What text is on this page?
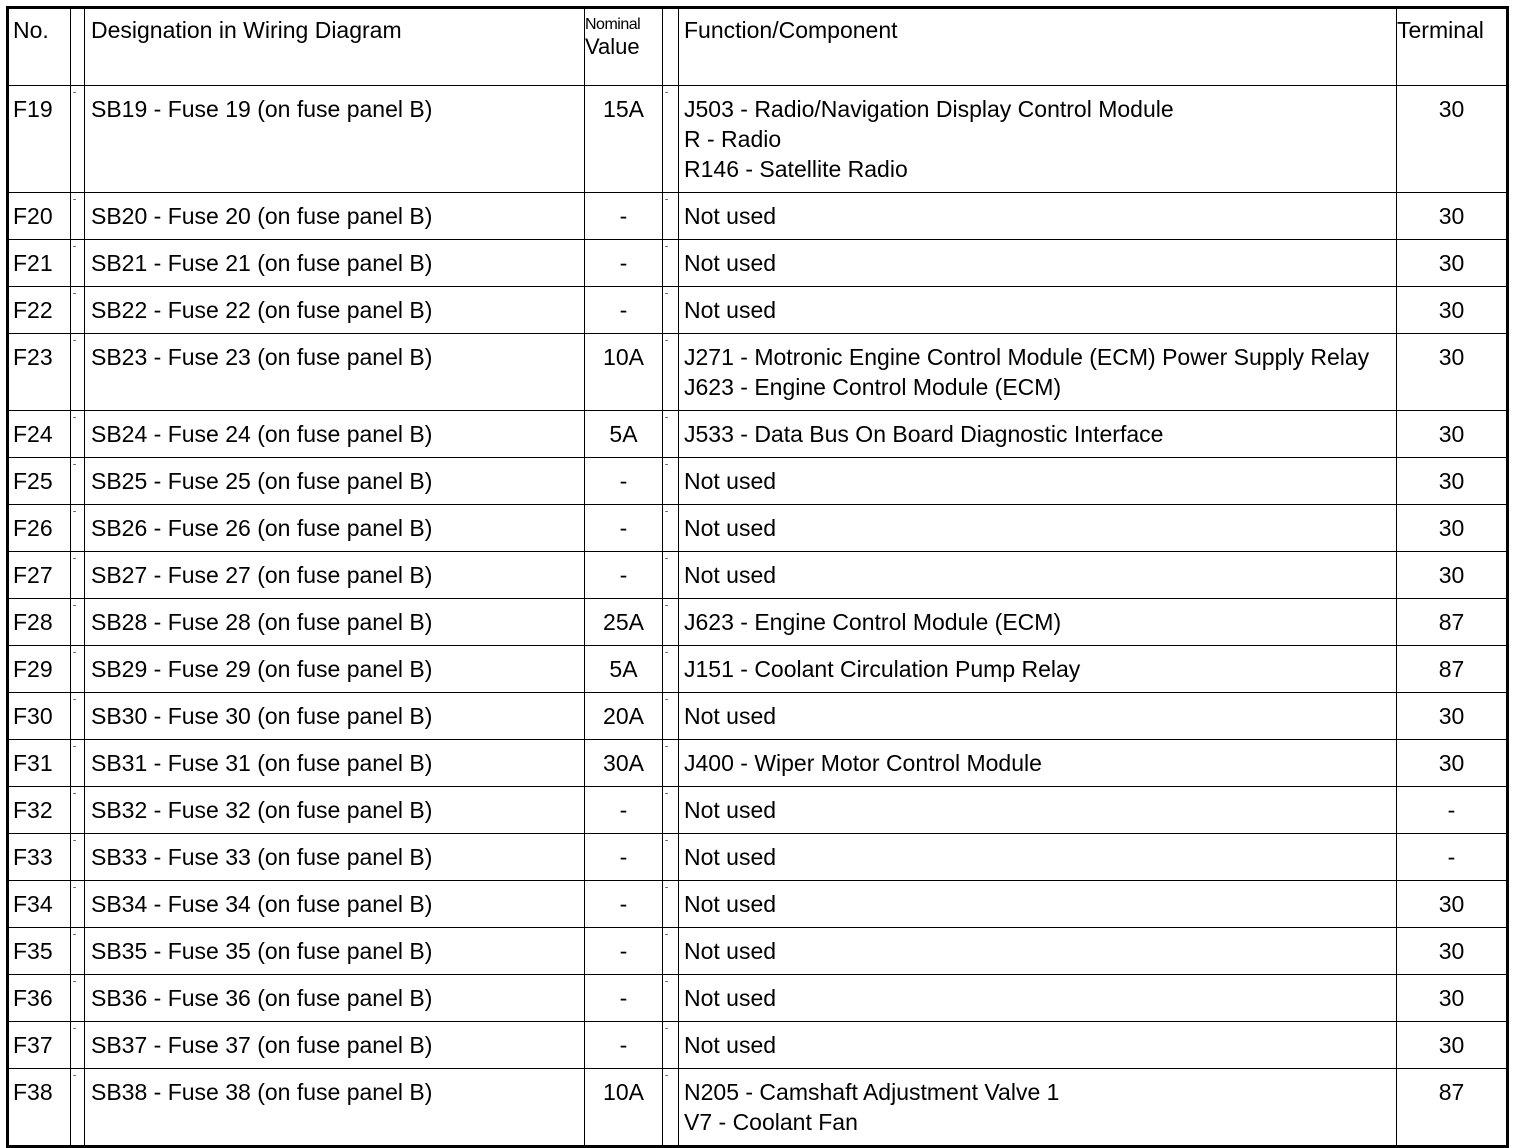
No.		Designation in Wiring Diagram	Nominal
Value		Function/Component	Terminal
F19	ˉ	SB19 - Fuse 19 (on fuse panel B)	15A	ˉ	J503 - Radio/Navigation Display Control Module
R - Radio
R146 - Satellite Radio	30
F20	ˉ	SB20 - Fuse 20 (on fuse panel B)	-	ˉ	Not used	30
F21	ˉ	SB21 - Fuse 21 (on fuse panel B)	-	ˉ	Not used	30
F22	ˉ	SB22 - Fuse 22 (on fuse panel B)	-	ˉ	Not used	30
F23	ˉ	SB23 - Fuse 23 (on fuse panel B)	10A	ˉ	J271 - Motronic Engine Control Module (ECM) Power Supply Relay
J623 - Engine Control Module (ECM)	30
F24	ˉ	SB24 - Fuse 24 (on fuse panel B)	5A	ˉ	J533 - Data Bus On Board Diagnostic Interface	30
F25	ˉ	SB25 - Fuse 25 (on fuse panel B)	-	ˉ	Not used	30
F26	ˉ	SB26 - Fuse 26 (on fuse panel B)	-	ˉ	Not used	30
F27	ˉ	SB27 - Fuse 27 (on fuse panel B)	-	ˉ	Not used	30
F28	ˉ	SB28 - Fuse 28 (on fuse panel B)	25A	ˉ	J623 - Engine Control Module (ECM)	87
F29	ˉ	SB29 - Fuse 29 (on fuse panel B)	5A	ˉ	J151 - Coolant Circulation Pump Relay	87
F30	ˉ	SB30 - Fuse 30 (on fuse panel B)	20A	ˉ	Not used	30
F31	ˉ	SB31 - Fuse 31 (on fuse panel B)	30A	ˉ	J400 - Wiper Motor Control Module	30
F32	ˉ	SB32 - Fuse 32 (on fuse panel B)	-	ˉ	Not used	-
F33	ˉ	SB33 - Fuse 33 (on fuse panel B)	-	ˉ	Not used	-
F34	ˉ	SB34 - Fuse 34 (on fuse panel B)	-	ˉ	Not used	30
F35	ˉ	SB35 - Fuse 35 (on fuse panel B)	-	ˉ	Not used	30
F36	ˉ	SB36 - Fuse 36 (on fuse panel B)	-	ˉ	Not used	30
F37	ˉ	SB37 - Fuse 37 (on fuse panel B)	-	ˉ	Not used	30
F38	ˉ	SB38 - Fuse 38 (on fuse panel B)	10A	ˉ	N205 - Camshaft Adjustment Valve 1
V7 - Coolant Fan	87
